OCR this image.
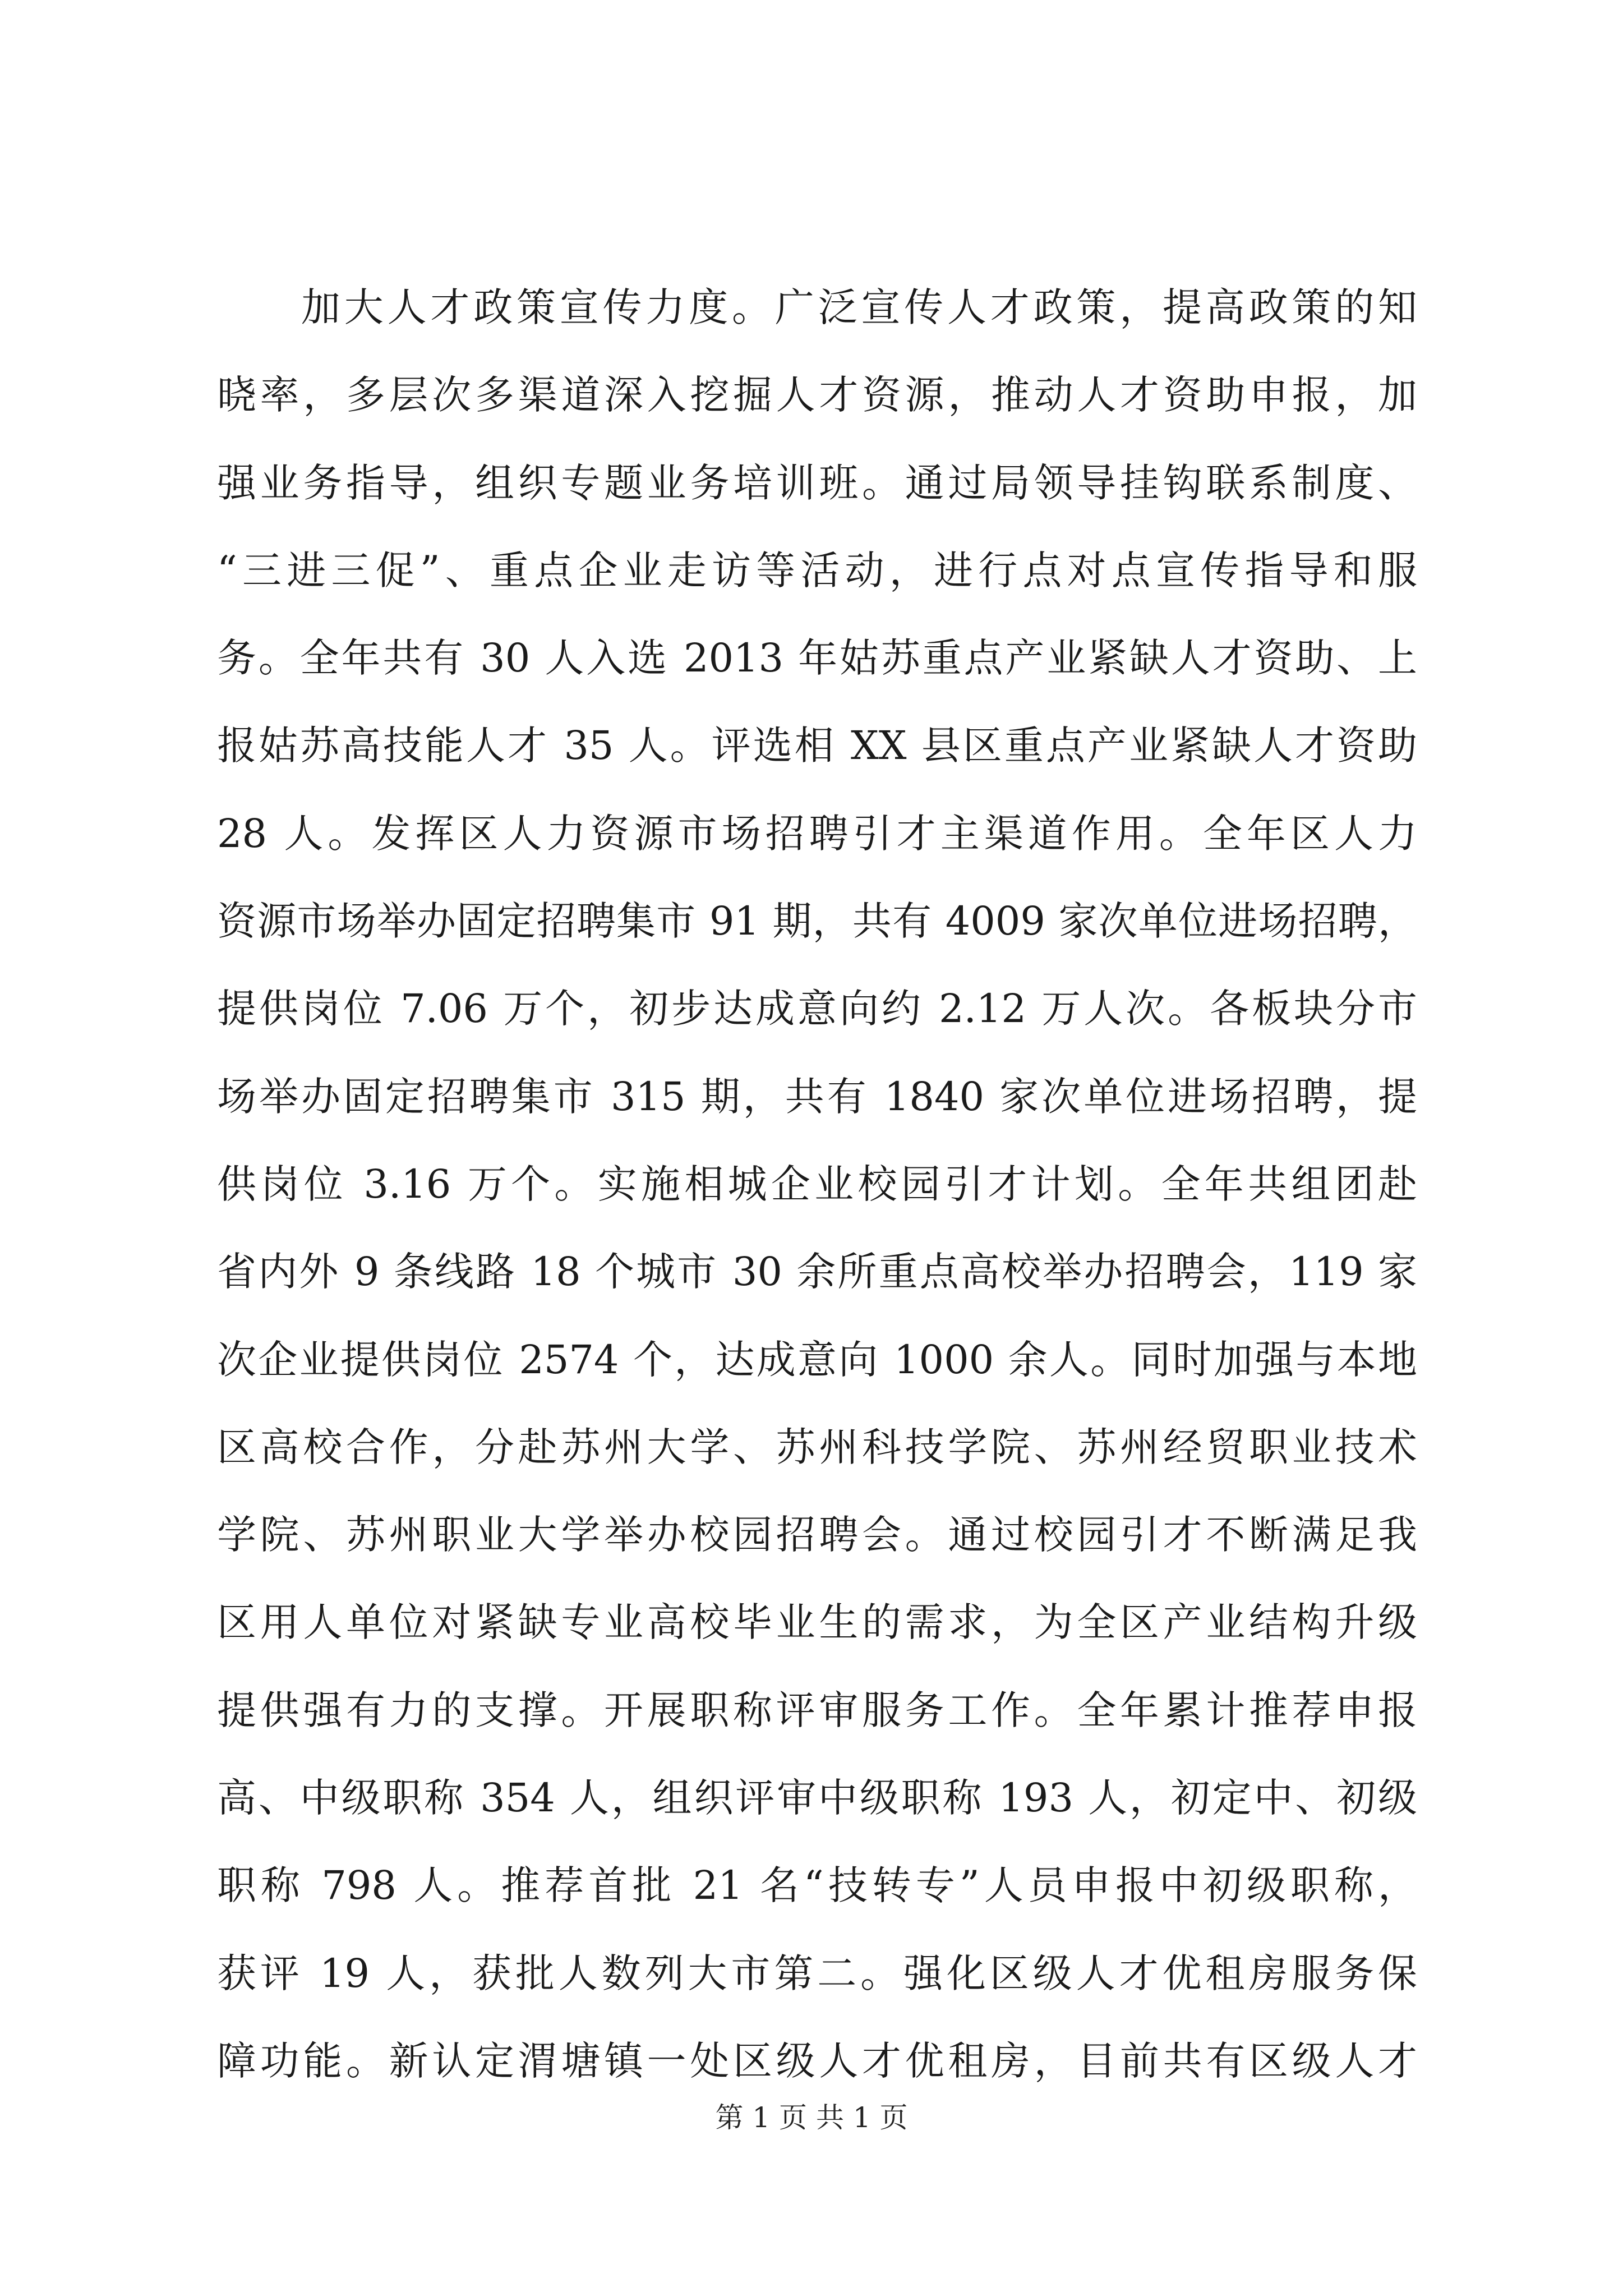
加大人才政策宣传力度。广泛宣传人才政策，提高政策的知
晓率，多层次多渠道深入挖掘人才资源，推动人才资助申报，加
强业务指导，组织专题业务培训班。通过局领导挂钩联系制度、
“三进三促”、重点企业走访等活动，进行点对点宣传指导和服
务。全年共有 30 人入选 2013 年姑苏重点产业紧缺人才资助、上
报姑苏高技能人才 35 人。评选相 XX 县区重点产业紧缺人才资助
28 人。发挥区人力资源市场招聘引才主渠道作用。全年区人力
资源市场举办固定招聘集市 91 期，共有 4009 家次单位进场招聘，
提供岗位 7.06 万个，初步达成意向约 2.12 万人次。各板块分市
场举办固定招聘集市 315 期，共有 1840 家次单位进场招聘，提
供岗位 3.16 万个。实施相城企业校园引才计划。全年共组团赴
省内外 9 条线路 18 个城市 30 余所重点高校举办招聘会，119 家
次企业提供岗位 2574 个，达成意向 1000 余人。同时加强与本地
区高校合作，分赴苏州大学、苏州科技学院、苏州经贸职业技术
学院、苏州职业大学举办校园招聘会。通过校园引才不断满足我
区用人单位对紧缺专业高校毕业生的需求，为全区产业结构升级
提供强有力的支撑。开展职称评审服务工作。全年累计推荐申报
高、中级职称 354 人，组织评审中级职称 193 人，初定中、初级
职称 798 人。推荐首批 21 名“技转专”人员申报中初级职称，
获评 19 人，获批人数列大市第二。强化区级人才优租房服务保
障功能。新认定渭塘镇一处区级人才优租房，目前共有区级人才
第 1 页 共 1 页
